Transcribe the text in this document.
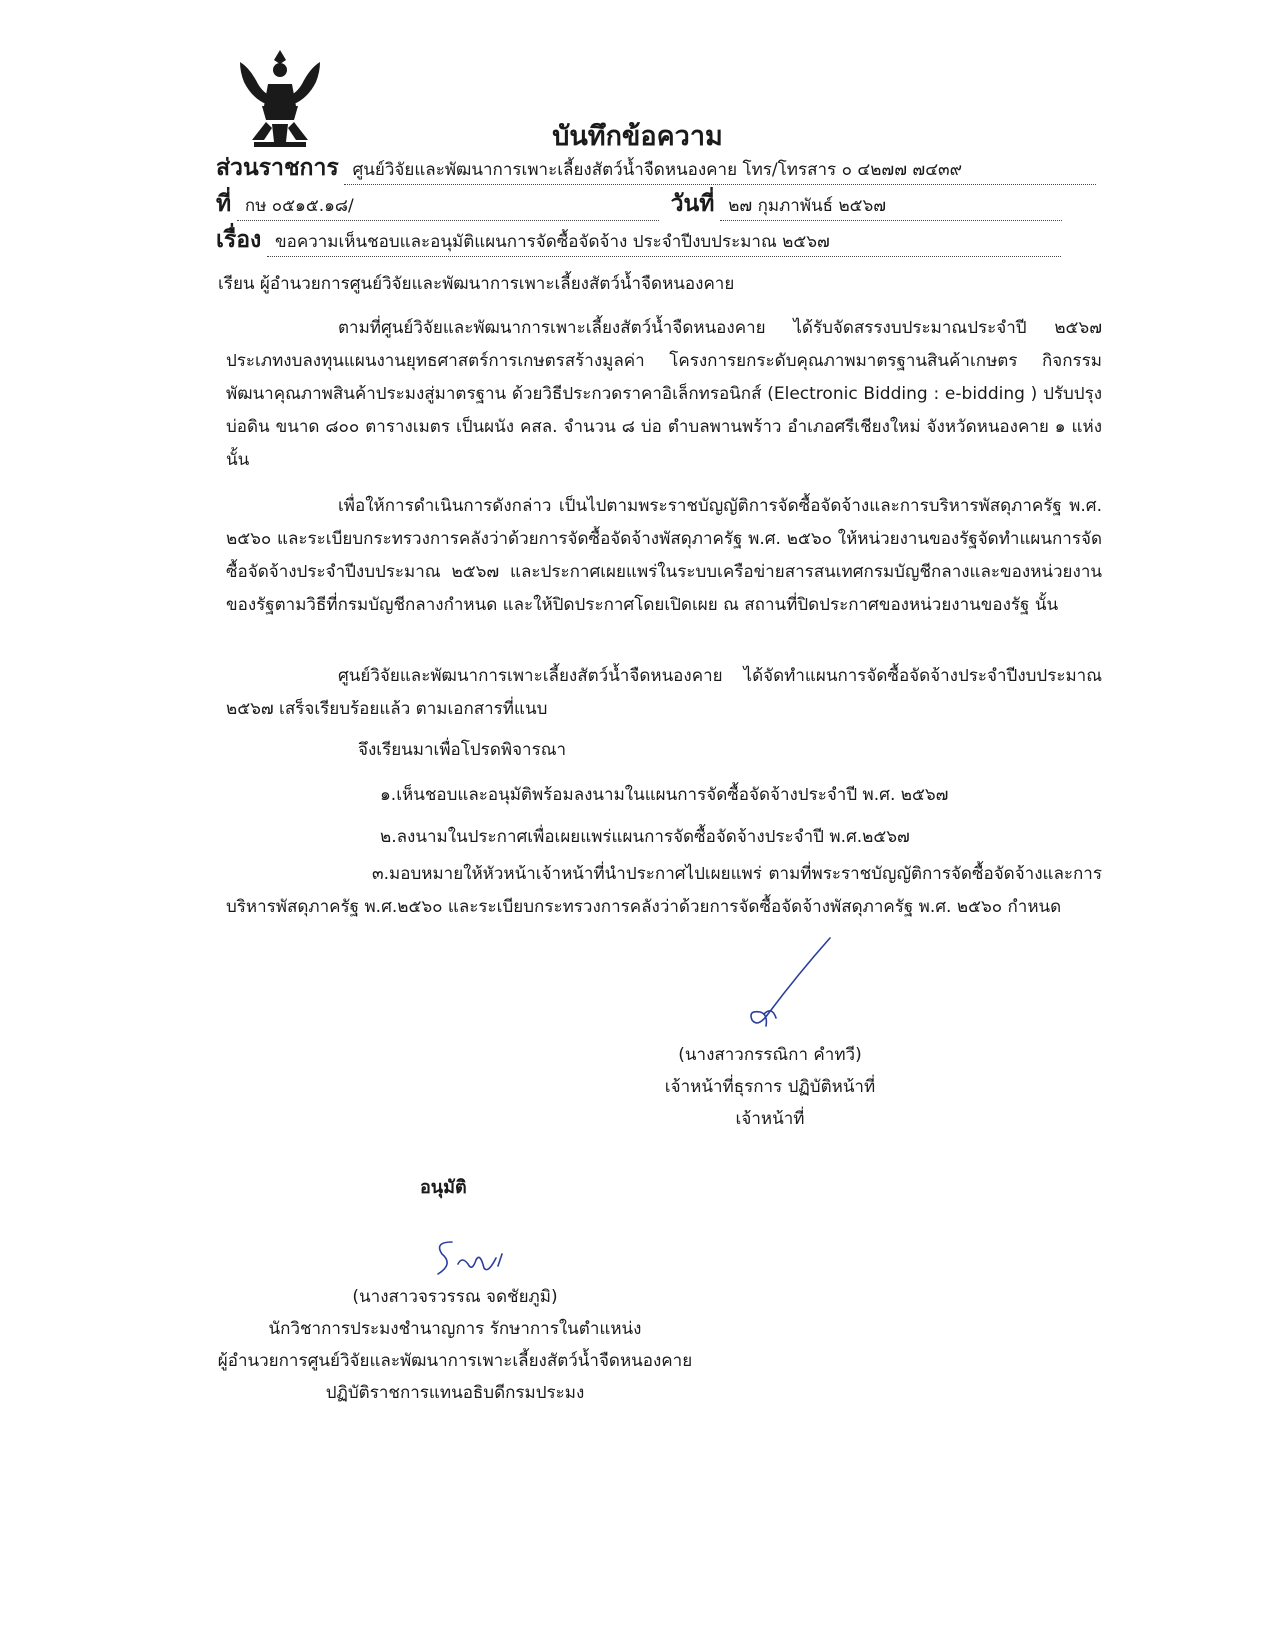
บันทึกข้อความ
ส่วนราชการ ศูนย์วิจัยและพัฒนาการเพาะเลี้ยงสัตว์น้ำจืดหนองคาย โทร/โทรสาร ๐ ๔๒๗๗ ๗๔๓๙
ที่ กษ ๐๕๑๕.๑๘/	วันที่ ๒๗ กุมภาพันธ์ ๒๕๖๗
เรื่อง ขอความเห็นชอบและอนุมัติแผนการจัดซื้อจัดจ้าง ประจำปีงบประมาณ ๒๕๖๗
เรียน ผู้อำนวยการศูนย์วิจัยและพัฒนาการเพาะเลี้ยงสัตว์น้ำจืดหนองคาย

ตามที่ศูนย์วิจัยและพัฒนาการเพาะเลี้ยงสัตว์น้ำจืดหนองคาย ได้รับจัดสรรงบประมาณประจำปี ๒๕๖๗ ประเภทงบลงทุนแผนงานยุทธศาสตร์การเกษตรสร้างมูลค่า โครงการยกระดับคุณภาพมาตรฐานสินค้าเกษตร กิจกรรมพัฒนาคุณภาพสินค้าประมงสู่มาตรฐาน ด้วยวิธีประกวดราคาอิเล็กทรอนิกส์ (Electronic Bidding : e-bidding ) ปรับปรุงบ่อดิน ขนาด ๘๐๐ ตารางเมตร เป็นผนัง คสล. จำนวน ๘ บ่อ ตำบลพานพร้าว อำเภอศรีเชียงใหม่ จังหวัดหนองคาย ๑ แห่งนั้น

เพื่อให้การดำเนินการดังกล่าว เป็นไปตามพระราชบัญญัติการจัดซื้อจัดจ้างและการบริหารพัสดุภาครัฐ พ.ศ. ๒๕๖๐ และระเบียบกระทรวงการคลังว่าด้วยการจัดซื้อจัดจ้างพัสดุภาครัฐ พ.ศ. ๒๕๖๐ ให้หน่วยงานของรัฐจัดทำแผนการจัดซื้อจัดจ้างประจำปีงบประมาณ ๒๕๖๗ และประกาศเผยแพร่ในระบบเครือข่ายสารสนเทศกรมบัญชีกลางและของหน่วยงานของรัฐตามวิธีที่กรมบัญชีกลางกำหนด และให้ปิดประกาศโดยเปิดเผย ณ สถานที่ปิดประกาศของหน่วยงานของรัฐ นั้น

ศูนย์วิจัยและพัฒนาการเพาะเลี้ยงสัตว์น้ำจืดหนองคาย ได้จัดทำแผนการจัดซื้อจัดจ้างประจำปีงบประมาณ ๒๕๖๗ เสร็จเรียบร้อยแล้ว ตามเอกสารที่แนบ

จึงเรียนมาเพื่อโปรดพิจารณา
๑.เห็นชอบและอนุมัติพร้อมลงนามในแผนการจัดซื้อจัดจ้างประจำปี พ.ศ. ๒๕๖๗
๒.ลงนามในประกาศเพื่อเผยแพร่แผนการจัดซื้อจัดจ้างประจำปี พ.ศ.๒๕๖๗

๓.มอบหมายให้หัวหน้าเจ้าหน้าที่นำประกาศไปเผยแพร่ ตามที่พระราชบัญญัติการจัดซื้อจัดจ้างและการบริหารพัสดุภาครัฐ พ.ศ.๒๕๖๐ และระเบียบกระทรวงการคลังว่าด้วยการจัดซื้อจัดจ้างพัสดุภาครัฐ พ.ศ. ๒๕๖๐ กำหนด

(นางสาวกรรณิกา คำทวี)
เจ้าหน้าที่ธุรการ ปฏิบัติหน้าที่
เจ้าหน้าที่
อนุมัติ
(นางสาวจรวรรณ จดชัยภูมิ)
นักวิชาการประมงชำนาญการ รักษาการในตำแหน่ง
ผู้อำนวยการศูนย์วิจัยและพัฒนาการเพาะเลี้ยงสัตว์น้ำจืดหนองคาย
ปฏิบัติราชการแทนอธิบดีกรมประมง
